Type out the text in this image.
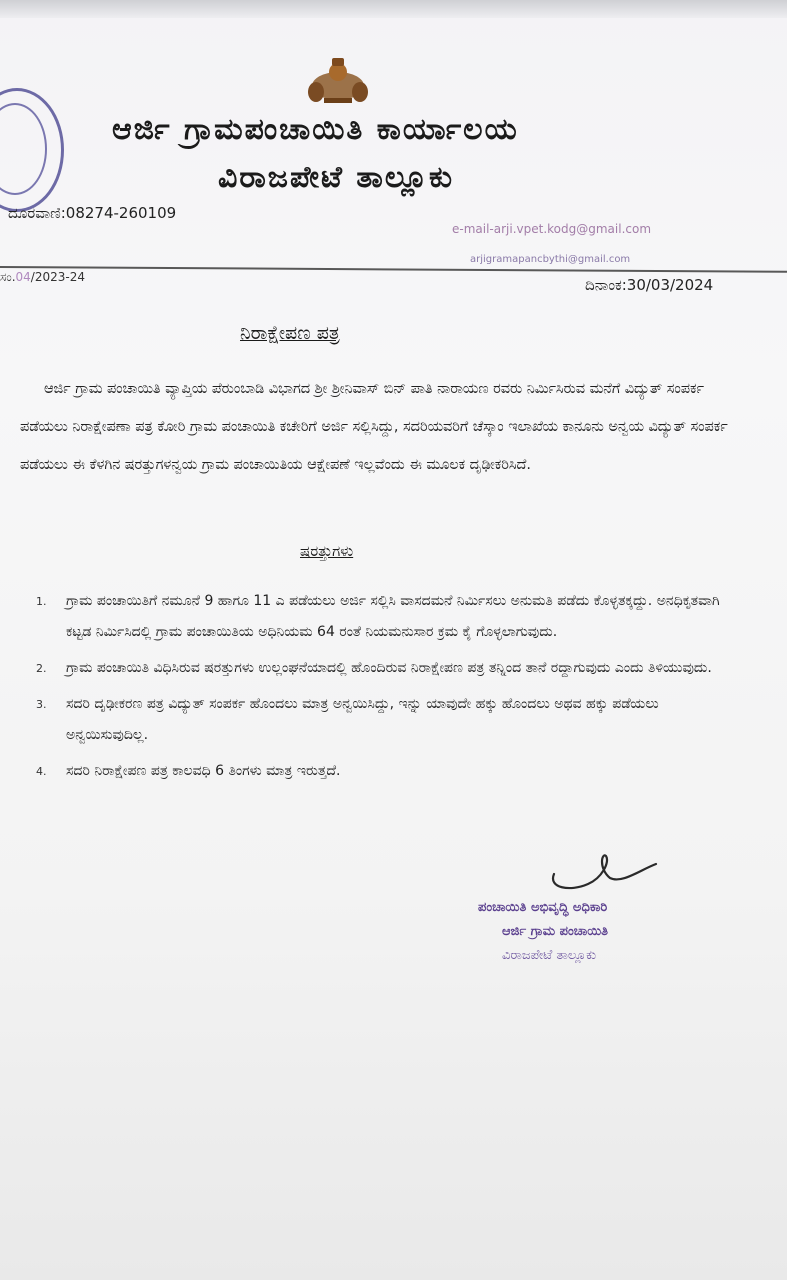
ಆರ್ಜಿ ಗ್ರಾಮಪಂಚಾಯಿತಿ ಕಾರ್ಯಾಲಯ
ವಿರಾಜಪೇಟೆ ತಾಲ್ಲೂಕು
ದೂರವಾಣಿ:08274-260109
e-mail-arji.vpet.kodg@gmail.com
arjigramapancbythi@gmail.com
ಸಂ.04/2023-24	ದಿನಾಂಕ:30/03/2024
ನಿರಾಕ್ಷೇಪಣ ಪತ್ರ
ಆರ್ಜಿ ಗ್ರಾಮ ಪಂಚಾಯಿತಿ ವ್ಯಾಪ್ತಿಯ ಪೆರುಂಬಾಡಿ ವಿಭಾಗದ ಶ್ರೀ ಶ್ರೀನಿವಾಸ್ ಬಿನ್ ಪಾತಿ ನಾರಾಯಣ ರವರು ನಿರ್ಮಿಸಿರುವ ಮನೆಗೆ ವಿದ್ಯುತ್ ಸಂಪರ್ಕ ಪಡೆಯಲು ನಿರಾಕ್ಷೇಪಣಾ ಪತ್ರ ಕೋರಿ ಗ್ರಾಮ ಪಂಚಾಯಿತಿ ಕಚೇರಿಗೆ ಅರ್ಜಿ ಸಲ್ಲಿಸಿದ್ದು, ಸದರಿಯವರಿಗೆ ಚೆಸ್ಕಾಂ ಇಲಾಖೆಯ ಕಾನೂನು ಅನ್ವಯ ವಿದ್ಯುತ್ ಸಂಪರ್ಕ ಪಡೆಯಲು ಈ ಕೆಳಗಿನ ಷರತ್ತುಗಳನ್ವಯ ಗ್ರಾಮ ಪಂಚಾಯಿತಿಯ ಆಕ್ಷೇಪಣೆ ಇಲ್ಲವೆಂದು ಈ ಮೂಲಕ ದೃಢೀಕರಿಸಿದೆ.
ಷರತ್ತುಗಳು
1. ಗ್ರಾಮ ಪಂಚಾಯಿತಿಗೆ ನಮೂನೆ 9 ಹಾಗೂ 11 ಎ ಪಡೆಯಲು ಅರ್ಜಿ ಸಲ್ಲಿಸಿ ವಾಸದಮನೆ ನಿರ್ಮಿಸಲು ಅನುಮತಿ ಪಡೆದು ಕೊಳ್ಳತಕ್ಕದ್ದು. ಅನಧಿಕೃತವಾಗಿ ಕಟ್ಟಡ ನಿರ್ಮಿಸಿದಲ್ಲಿ ಗ್ರಾಮ ಪಂಚಾಯಿತಿಯ ಅಧಿನಿಯಮ 64 ರಂತೆ ನಿಯಮನುಸಾರ ಕ್ರಮ ಕೈ ಗೊಳ್ಳಲಾಗುವುದು.
2. ಗ್ರಾಮ ಪಂಚಾಯಿತಿ ವಿಧಿಸಿರುವ ಷರತ್ತುಗಳು ಉಲ್ಲಂಘನೆಯಾದಲ್ಲಿ ಹೊಂದಿರುವ ನಿರಾಕ್ಷೇಪಣ ಪತ್ರ ತನ್ನಿಂದ ತಾನೆ ರದ್ದಾಗುವುದು ಎಂದು ತಿಳಿಯುವುದು.
3. ಸದರಿ ದೃಢೀಕರಣ ಪತ್ರ ವಿದ್ಯುತ್ ಸಂಪರ್ಕ ಹೊಂದಲು ಮಾತ್ರ ಅನ್ವಯಿಸಿದ್ದು, ಇನ್ನು ಯಾವುದೇ ಹಕ್ಕು ಹೊಂದಲು ಅಥವ ಹಕ್ಕು ಪಡೆಯಲು ಅನ್ವಯಿಸುವುದಿಲ್ಲ.
4. ಸದರಿ ನಿರಾಕ್ಷೇಪಣ ಪತ್ರ ಕಾಲವಧಿ 6 ತಿಂಗಳು ಮಾತ್ರ ಇರುತ್ತದೆ.
ಪಂಚಾಯಿತಿ ಅಭಿವೃದ್ಧಿ ಅಧಿಕಾರಿ
ಆರ್ಜಿ ಗ್ರಾಮ ಪಂಚಾಯಿತಿ
ವಿರಾಜಪೇಟೆ ತಾಲ್ಲೂಕು
